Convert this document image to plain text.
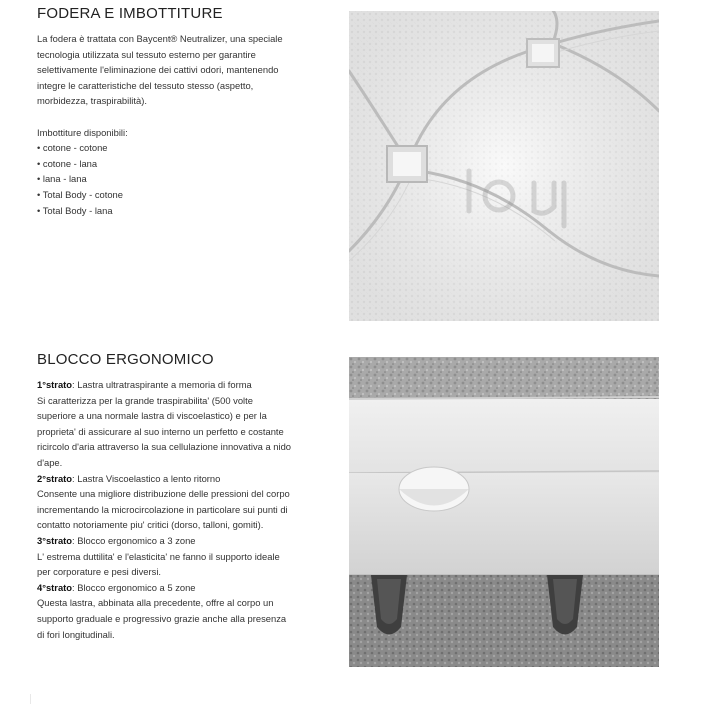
FODERA E IMBOTTITURE

La fodera è trattata con Baycent® Neutralizer, una speciale

tecnologia utilizzata sul tessuto esterno per garantire

selettivamente l'eliminazione dei cattivi odori, mantenendo

integre le caratteristiche del tessuto stesso (aspetto,

morbidezza, traspirabilità).

Imbottiture disponibili:

• cotone - cotone
• cotone - lana
• lana - lana
• Total Body - cotone
• Total Body - lana
BLOCCO ERGONOMICO

1°strato: Lastra ultratraspirante a memoria di forma

Si caratterizza per la grande traspirabilita' (500 volte

superiore a una normale lastra di viscoelastico) e per la

proprieta' di assicurare al suo interno un perfetto e costante

ricircolo d'aria attraverso la sua cellulazione innovativa a nido

d'ape.

2°strato: Lastra Viscoelastico a lento ritorno

Consente una migliore distribuzione delle pressioni del corpo

incrementando la microcircolazione in particolare sui punti di

contatto notoriamente piu' critici (dorso, talloni, gomiti).

3°strato: Blocco ergonomico a 3 zone

L' estrema duttilita' e l'elasticita' ne fanno il supporto ideale

per corporature e pesi diversi.

4°strato: Blocco ergonomico a 5 zone

Questa lastra, abbinata alla precedente, offre al corpo un

supporto graduale e progressivo grazie anche alla presenza

di fori longitudinali.
